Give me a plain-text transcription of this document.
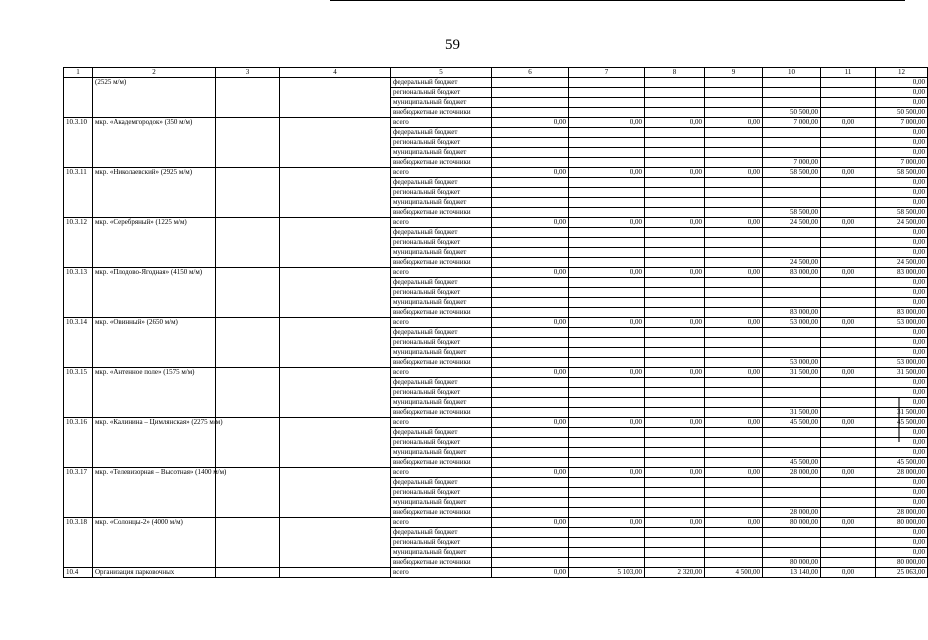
59
1	2	3	4	5	6	7	8	9	10	11	12
	(2525 м/м)			федеральный бюджет							0,00
				региональный бюджет							0,00
				муниципальный бюджет							0,00
				внебюджетные источники					50 500,00		50 500,00
10.3.10	мкр. «Академгородок» (350 м/м)			всего	0,00	0,00	0,00	0,00	7 000,00	0,00	7 000,00
				федеральный бюджет							0,00
				региональный бюджет							0,00
				муниципальный бюджет							0,00
				внебюджетные источники					7 000,00		7 000,00
10.3.11	мкр. «Николаевский» (2925 м/м)			всего	0,00	0,00	0,00	0,00	58 500,00	0,00	58 500,00
				федеральный бюджет							0,00
				региональный бюджет							0,00
				муниципальный бюджет							0,00
				внебюджетные источники					58 500,00		58 500,00
10.3.12	мкр. «Серебряный» (1225 м/м)			всего	0,00	0,00	0,00	0,00	24 500,00	0,00	24 500,00
				федеральный бюджет							0,00
				региональный бюджет							0,00
				муниципальный бюджет							0,00
				внебюджетные источники					24 500,00		24 500,00
10.3.13	мкр. «Плодово-Ягодная» (4150 м/м)			всего	0,00	0,00	0,00	0,00	83 000,00	0,00	83 000,00
				федеральный бюджет							0,00
				региональный бюджет							0,00
				муниципальный бюджет							0,00
				внебюджетные источники					83 000,00		83 000,00
10.3.14	мкр. «Овинный» (2650 м/м)			всего	0,00	0,00	0,00	0,00	53 000,00	0,00	53 000,00
				федеральный бюджет							0,00
				региональный бюджет							0,00
				муниципальный бюджет							0,00
				внебюджетные источники					53 000,00		53 000,00
10.3.15	мкр. «Антенное поле» (1575 м/м)			всего	0,00	0,00	0,00	0,00	31 500,00	0,00	31 500,00
				федеральный бюджет							0,00
				региональный бюджет							0,00
				муниципальный бюджет							0,00
				внебюджетные источники					31 500,00		31 500,00
10.3.16	мкр. «Калинина – Цимлянская» (2275 м/м)			всего	0,00	0,00	0,00	0,00	45 500,00	0,00	45 500,00
				федеральный бюджет							0,00
				региональный бюджет							0,00
				муниципальный бюджет							0,00
				внебюджетные источники					45 500,00		45 500,00
10.3.17	мкр. «Телевизорная – Высотная» (1400 м/м)			всего	0,00	0,00	0,00	0,00	28 000,00	0,00	28 000,00
				федеральный бюджет							0,00
				региональный бюджет							0,00
				муниципальный бюджет							0,00
				внебюджетные источники					28 000,00		28 000,00
10.3.18	мкр. «Солонцы-2» (4000 м/м)			всего	0,00	0,00	0,00	0,00	80 000,00	0,00	80 000,00
				федеральный бюджет							0,00
				региональный бюджет							0,00
				муниципальный бюджет							0,00
				внебюджетные источники					80 000,00		80 000,00
10.4	Организация парковочных			всего	0,00	5 103,00	2 320,00	4 500,00	13 140,00	0,00	25 063,00
